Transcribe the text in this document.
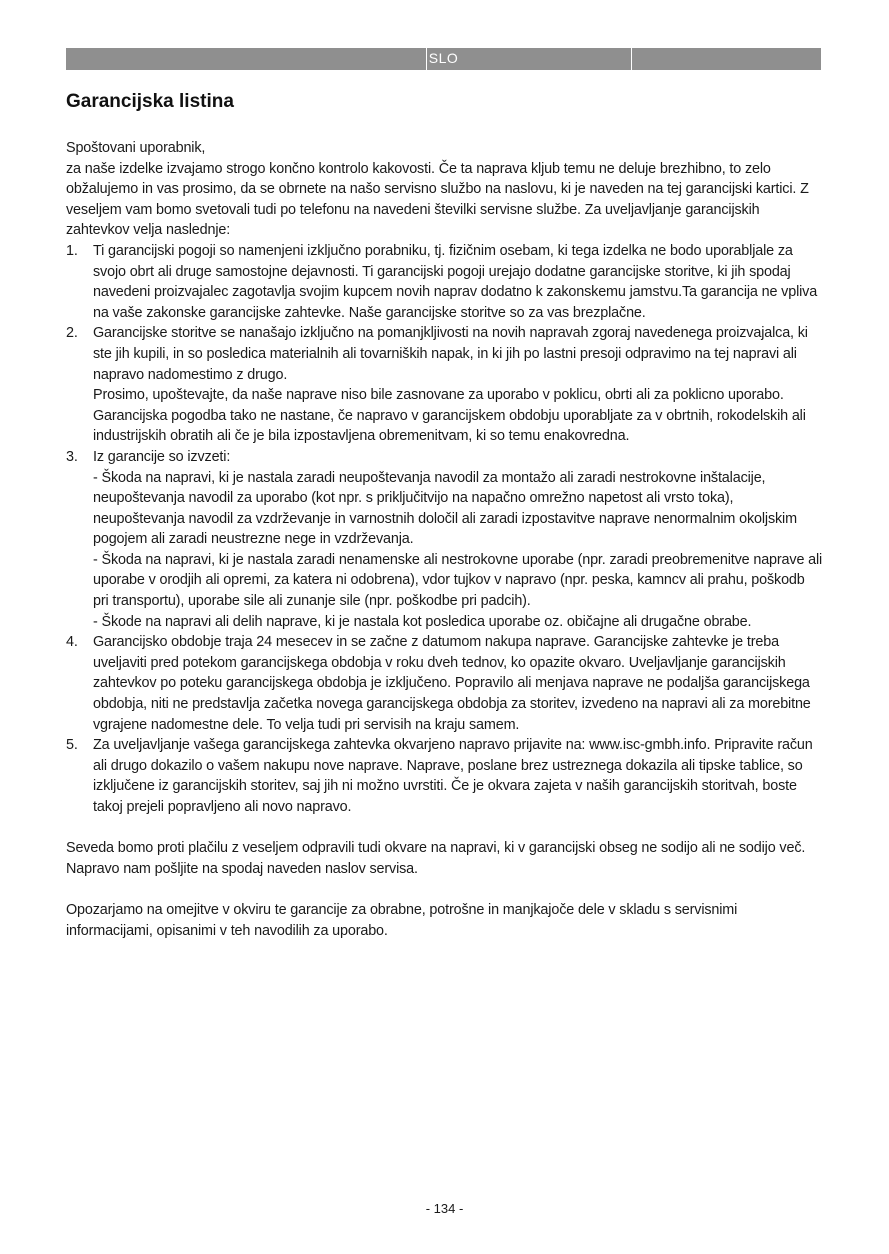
SLO
Garancijska listina

Spoštovani uporabnik,

za naše izdelke izvajamo strogo končno kontrolo kakovosti. Če ta naprava kljub temu ne deluje brezhibno, to zelo obžalujemo in vas prosimo, da se obrnete na našo servisno službo na naslovu, ki je naveden na tej garancijski kartici. Z veseljem vam bomo svetovali tudi po telefonu na navedeni številki servisne službe. Za uveljavljanje garancijskih zahtevkov velja naslednje:

1. Ti garancijski pogoji so namenjeni izključno porabniku, tj. fizičnim osebam, ki tega izdelka ne bodo uporabljale za svojo obrt ali druge samostojne dejavnosti. Ti garancijski pogoji urejajo dodatne garancijske storitve, ki jih spodaj navedeni proizvajalec zagotavlja svojim kupcem novih naprav dodatno k zakonskemu jamstvu.Ta garancija ne vpliva na vaše zakonske garancijske zahtevke. Naše garancijske storitve so za vas brezplačne.

2. Garancijske storitve se nanašajo izključno na pomanjkljivosti na novih napravah zgoraj navedenega proizvajalca, ki ste jih kupili, in so posledica materialnih ali tovarniških napak, in ki jih po lastni presoji odpravimo na tej napravi ali napravo nadomestimo z drugo.

Prosimo, upoštevajte, da naše naprave niso bile zasnovane za uporabo v poklicu, obrti ali za poklicno uporabo. Garancijska pogodba tako ne nastane, če napravo v garancijskem obdobju uporabljate za v obrtnih, rokodelskih ali industrijskih obratih ali če je bila izpostavljena obremenitvam, ki so temu enakovredna.

3. Iz garancije so izvzeti:

- Škoda na napravi, ki je nastala zaradi neupoštevanja navodil za montažo ali zaradi nestrokovne inštalacije, neupoštevanja navodil za uporabo (kot npr. s priključitvijo na napačno omrežno napetost ali vrsto toka), neupoštevanja navodil za vzdrževanje in varnostnih določil ali zaradi izpostavitve naprave nenormalnim okoljskim pogojem ali zaradi neustrezne nege in vzdrževanja.

- Škoda na napravi, ki je nastala zaradi nenamenske ali nestrokovne uporabe (npr. zaradi preobremenitve naprave ali uporabe v orodjih ali opremi, za katera ni odobrena), vdor tujkov v napravo (npr. peska, kamncv ali prahu, poškodb pri transportu), uporabe sile ali zunanje sile (npr. poškodbe pri padcih).

- Škode na napravi ali delih naprave, ki je nastala kot posledica uporabe oz. običajne ali drugačne obrabe.

4. Garancijsko obdobje traja 24 mesecev in se začne z datumom nakupa naprave. Garancijske zahtevke je treba uveljaviti pred potekom garancijskega obdobja v roku dveh tednov, ko opazite okvaro. Uveljavljanje garancijskih zahtevkov po poteku garancijskega obdobja je izključeno. Popravilo ali menjava naprave ne podaljša garancijskega obdobja, niti ne predstavlja začetka novega garancijskega obdobja za storitev, izvedeno na napravi ali za morebitne vgrajene nadomestne dele. To velja tudi pri servisih na kraju samem.

5. Za uveljavljanje vašega garancijskega zahtevka okvarjeno napravo prijavite na: www.isc-gmbh.info. Pripravite račun ali drugo dokazilo o vašem nakupu nove naprave. Naprave, poslane brez ustreznega dokazila ali tipske tablice, so izključene iz garancijskih storitev, saj jih ni možno uvrstiti. Če je okvara zajeta v naših garancijskih storitvah, boste takoj prejeli popravljeno ali novo napravo.

Seveda bomo proti plačilu z veseljem odpravili tudi okvare na napravi, ki v garancijski obseg ne sodijo ali ne sodijo več. Napravo nam pošljite na spodaj naveden naslov servisa.

Opozarjamo na omejitve v okviru te garancije za obrabne, potrošne in manjkajoče dele v skladu s servisnimi informacijami, opisanimi v teh navodilih za uporabo.

- 134 -
